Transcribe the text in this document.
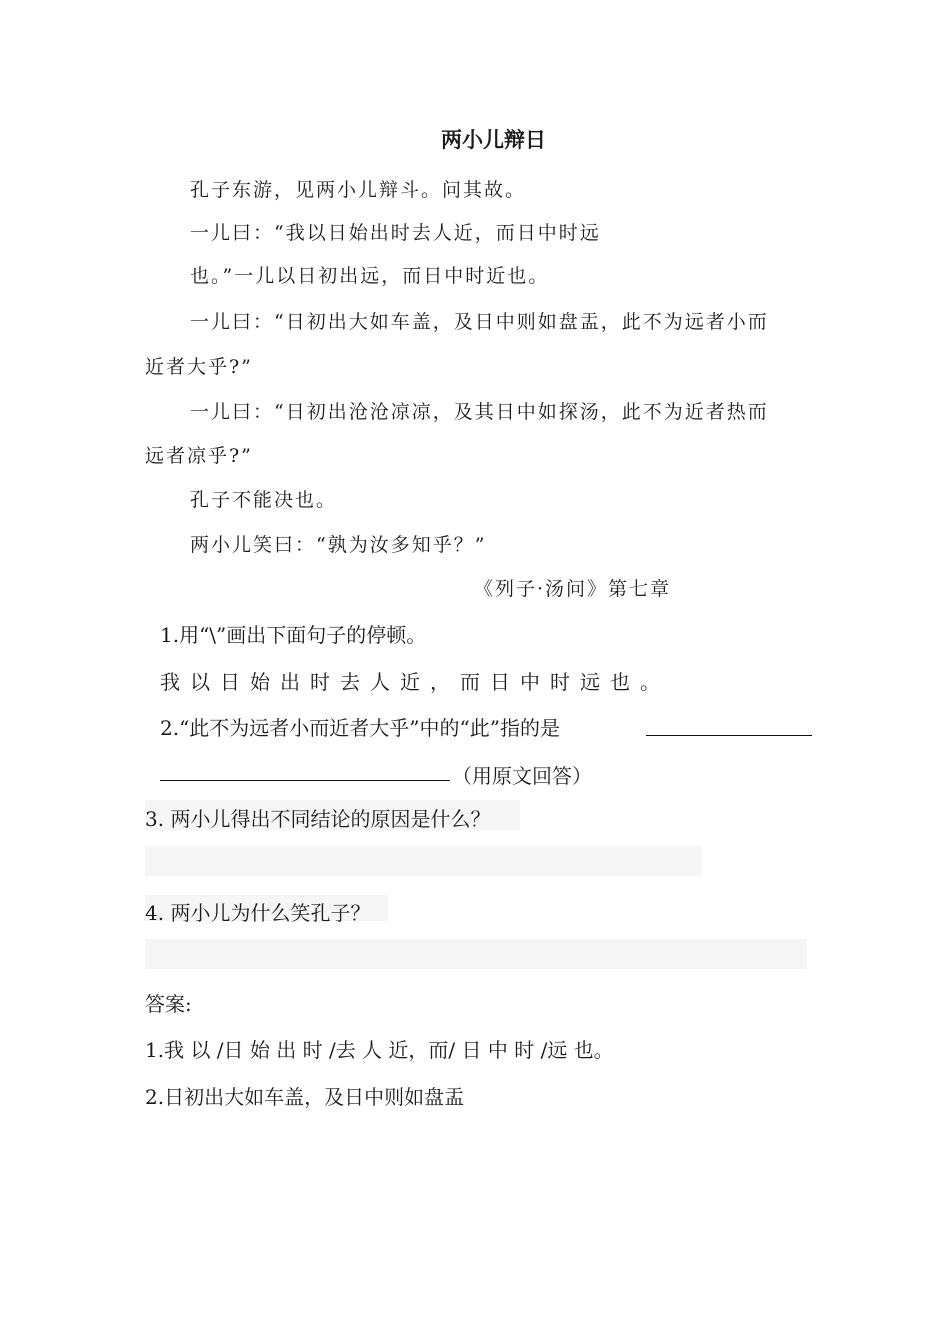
两小儿辩日
孔子东游，见两小儿辩斗。问其故。
一儿曰：“我以日始出时去人近，而日中时远
也。”一儿以日初出远，而日中时近也。
一儿曰：“日初出大如车盖，及日中则如盘盂，此不为远者小而
近者大乎?”
一儿曰：“日初出沧沧凉凉，及其日中如探汤，此不为近者热而
远者凉乎?”
孔子不能决也。
两小儿笑曰：“孰为汝多知乎？”
《列子·汤问》第七章
1.用“\”画出下面句子的停顿。
我以日始出时去人近，而日中时远也。
2.“此不为远者小而近者大乎”中的“此”指的是
（用原文回答）
3. 两小儿得出不同结论的原因是什么？
4. 两小儿为什么笑孔子？
答案:
1.我 以 /日 始 出 时 /去 人 近，而/ 日 中 时 /远 也。
2.日初出大如车盖，及日中则如盘盂
